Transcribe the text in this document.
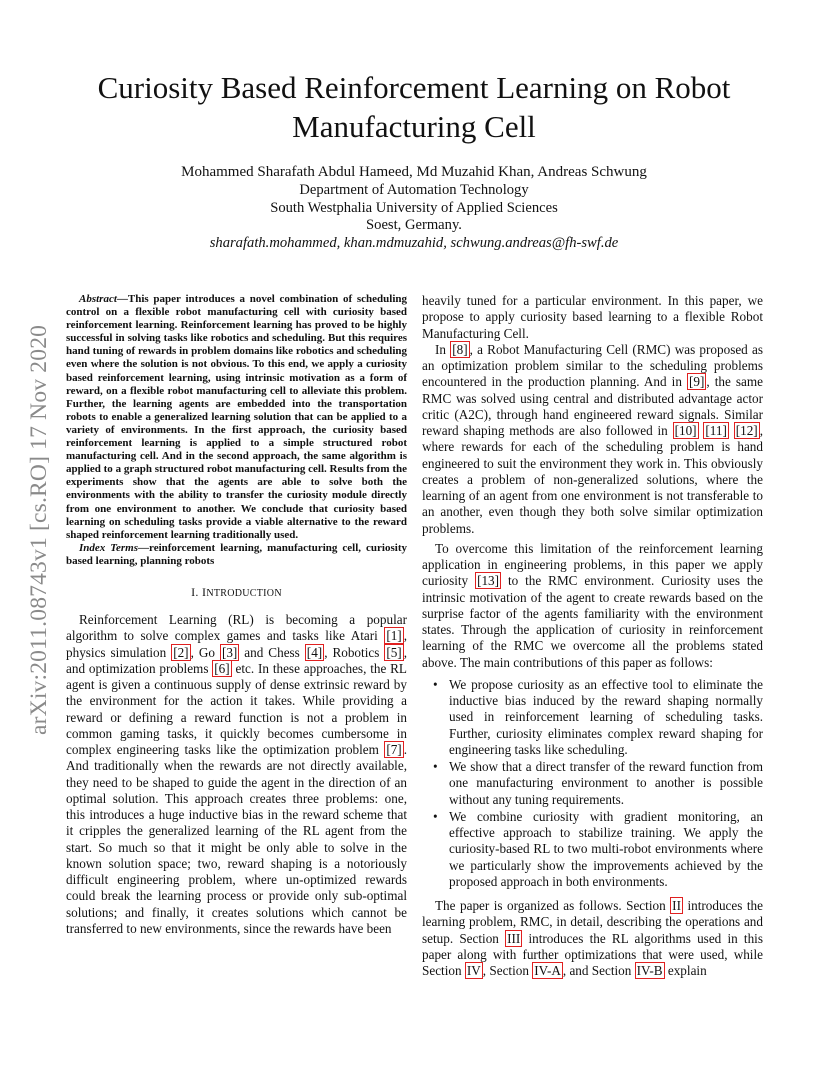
Curiosity Based Reinforcement Learning on Robot Manufacturing Cell
Mohammed Sharafath Abdul Hameed, Md Muzahid Khan, Andreas Schwung
Department of Automation Technology
South Westphalia University of Applied Sciences
Soest, Germany.
sharafath.mohammed, khan.mdmuzahid, schwung.andreas@fh-swf.de
arXiv:2011.08743v1 [cs.RO] 17 Nov 2020

Abstract—This paper introduces a novel combination of scheduling control on a flexible robot manufacturing cell with curiosity based reinforcement learning. Reinforcement learning has proved to be highly successful in solving tasks like robotics and scheduling. But this requires hand tuning of rewards in problem domains like robotics and scheduling even where the solution is not obvious. To this end, we apply a curiosity based reinforcement learning, using intrinsic motivation as a form of reward, on a flexible robot manufacturing cell to alleviate this problem. Further, the learning agents are embedded into the transportation robots to enable a generalized learning solution that can be applied to a variety of environments. In the first approach, the curiosity based reinforcement learning is applied to a simple structured robot manufacturing cell. And in the second approach, the same algorithm is applied to a graph structured robot manufacturing cell. Results from the experiments show that the agents are able to solve both the environments with the ability to transfer the curiosity module directly from one environment to another. We conclude that curiosity based learning on scheduling tasks provide a viable alternative to the reward shaped reinforcement learning traditionally used.

Index Terms—reinforcement learning, manufacturing cell, curiosity based learning, planning robots

I. INTRODUCTION

Reinforcement Learning (RL) is becoming a popular algorithm to solve complex games and tasks like Atari [1] , physics simulation [2] , Go [3] and Chess [4] , Robotics [5] , and optimization problems [6] etc. In these approaches, the RL agent is given a continuous supply of dense extrinsic reward by the environment for the action it takes. While providing a reward or defining a reward function is not a problem in common gaming tasks, it quickly becomes cumbersome in complex engineering tasks like the optimization problem [7] . And traditionally when the rewards are not directly available, they need to be shaped to guide the agent in the direction of an optimal solution. This approach creates three problems: one, this introduces a huge inductive bias in the reward scheme that it cripples the generalized learning of the RL agent from the start. So much so that it might be only able to solve in the known solution space; two, reward shaping is a notoriously difficult engineering problem, where un-optimized rewards could break the learning process or provide only sub-optimal solutions; and finally, it creates solutions which cannot be transferred to new environments, since the rewards have been

heavily tuned for a particular environment. In this paper, we propose to apply curiosity based learning to a flexible Robot Manufacturing Cell.

In [8] , a Robot Manufacturing Cell (RMC) was proposed as an optimization problem similar to the scheduling problems encountered in the production planning. And in [9] , the same RMC was solved using central and distributed advantage actor critic (A2C), through hand engineered reward signals. Similar reward shaping methods are also followed in [10] [11] [12] , where rewards for each of the scheduling problem is hand engineered to suit the environment they work in. This obviously creates a problem of non-generalized solutions, where the learning of an agent from one environment is not transferable to an another, even though they both solve similar optimization problems.

To overcome this limitation of the reinforcement learning application in engineering problems, in this paper we apply curiosity [13] to the RMC environment. Curiosity uses the intrinsic motivation of the agent to create rewards based on the surprise factor of the agents familiarity with the environment states. Through the application of curiosity in reinforcement learning of the RMC we overcome all the problems stated above. The main contributions of this paper as follows:

• We propose curiosity as an effective tool to eliminate the inductive bias induced by the reward shaping normally used in reinforcement learning of scheduling tasks. Further, curiosity eliminates complex reward shaping for engineering tasks like scheduling.
• We show that a direct transfer of the reward function from one manufacturing environment to another is possible without any tuning requirements.
• We combine curiosity with gradient monitoring, an effective approach to stabilize training. We apply the curiosity-based RL to two multi-robot environments where we particularly show the improvements achieved by the proposed approach in both environments.

The paper is organized as follows. Section II introduces the learning problem, RMC, in detail, describing the operations and setup. Section III introduces the RL algorithms used in this paper along with further optimizations that were used, while Section IV , Section IV-A , and Section IV-B explain
